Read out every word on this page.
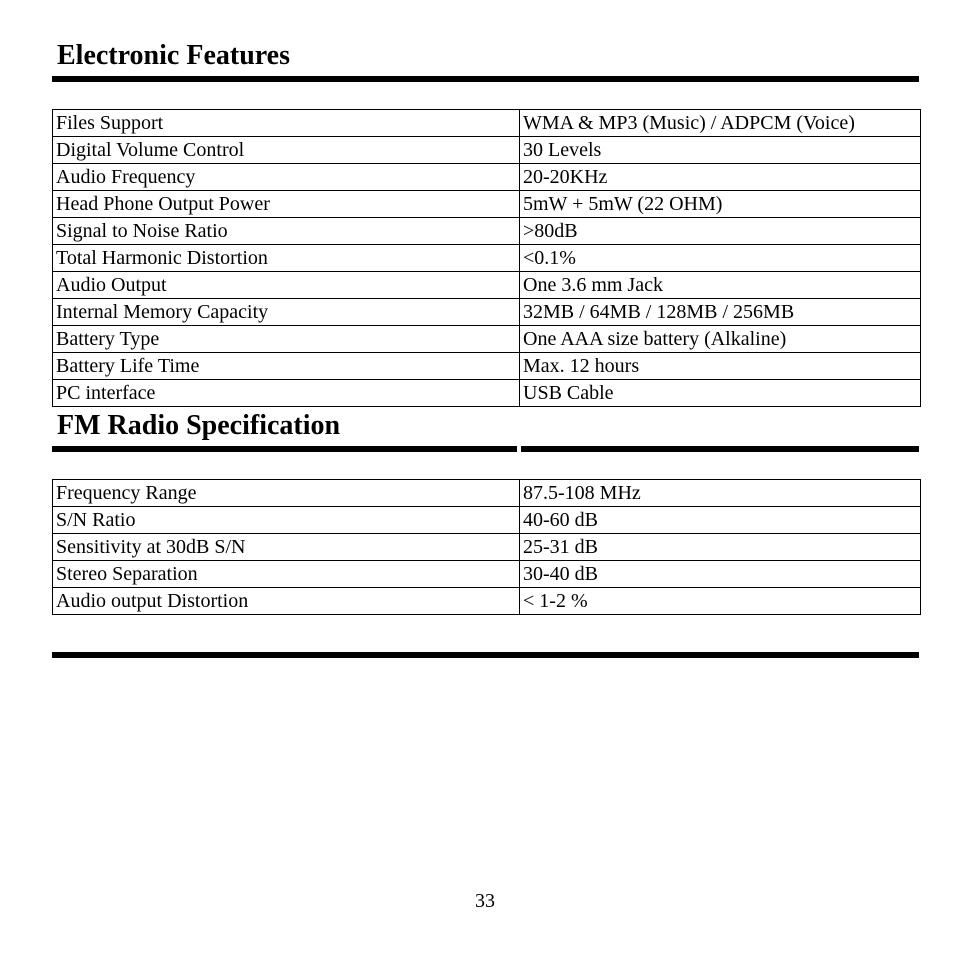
Electronic Features
Files Support	WMA & MP3 (Music) / ADPCM (Voice)
Digital Volume Control	30 Levels
Audio Frequency	20-20KHz
Head Phone Output Power	5mW + 5mW (22 OHM)
Signal to Noise Ratio	>80dB
Total Harmonic Distortion	<0.1%
Audio Output	One 3.6 mm Jack
Internal Memory Capacity	32MB / 64MB / 128MB / 256MB
Battery Type	One AAA size battery (Alkaline)
Battery Life Time	Max. 12 hours
PC interface	USB Cable
FM Radio Specification
Frequency Range	87.5-108 MHz
S/N Ratio	40-60 dB
Sensitivity at 30dB S/N	25-31 dB
Stereo Separation	30-40 dB
Audio output Distortion	< 1-2 %
33
